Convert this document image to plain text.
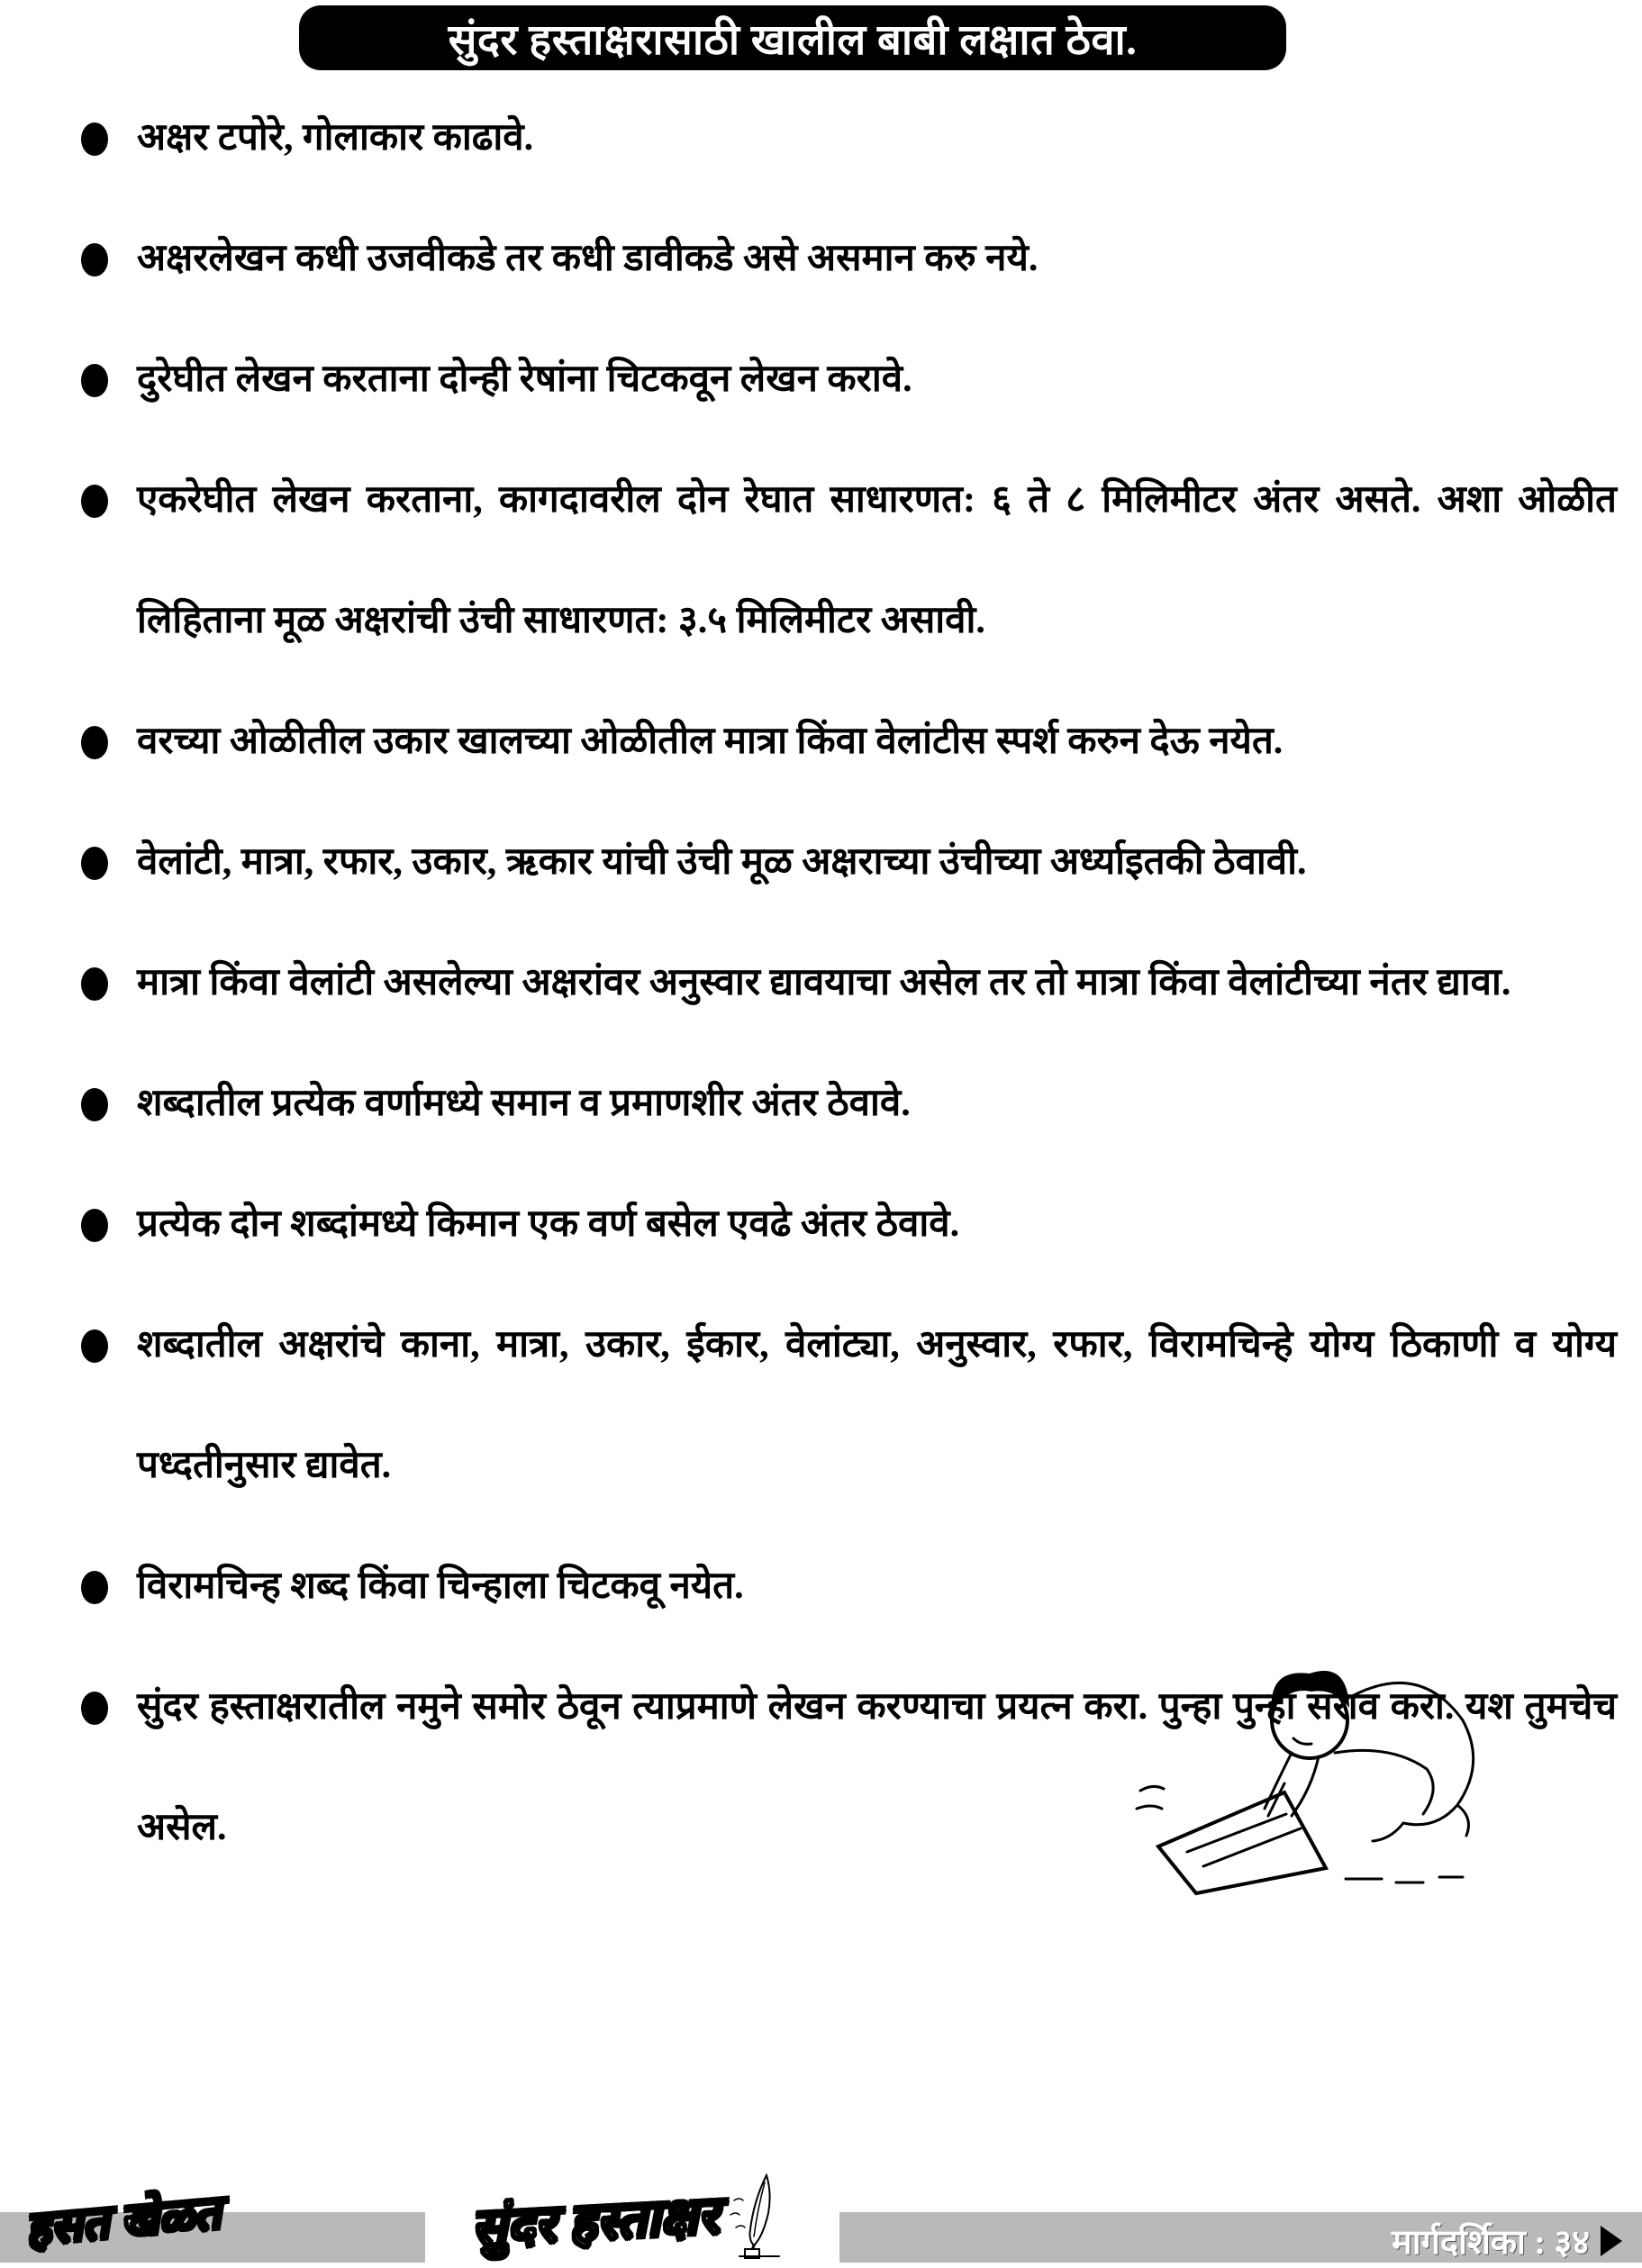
सुंदर हस्ताक्षरासाठी खालील बाबी लक्षात ठेवा.
अक्षर टपोरे, गोलाकार काढावे.
अक्षरलेखन कधी उजवीकडे तर कधी डावीकडे असे असमान करु नये.
दुरेघीत लेखन करताना दोन्ही रेषांना चिटकवून लेखन करावे.
एकरेघीत लेखन करताना, कागदावरील दोन रेघात साधारणत: ६ ते ८ मिलिमीटर अंतर असते. अशा ओळीत लिहिताना मूळ अक्षरांची उंची साधारणत: ३.५ मिलिमीटर असावी.
वरच्या ओळीतील उकार खालच्या ओळीतील मात्रा किंवा वेलांटीस स्पर्श करुन देऊ नयेत.
वेलांटी, मात्रा, रफार, उकार, ऋकार यांची उंची मूळ अक्षराच्या उंचीच्या अर्ध्याइतकी ठेवावी.
मात्रा किंवा वेलांटी असलेल्या अक्षरांवर अनुस्वार द्यावयाचा असेल तर तो मात्रा किंवा वेलांटीच्या नंतर द्यावा.
शब्दातील प्रत्येक वर्णामध्ये समान व प्रमाणशीर अंतर ठेवावे.
प्रत्येक दोन शब्दांमध्ये किमान एक वर्ण बसेल एवढे अंतर ठेवावे.
शब्दातील अक्षरांचे काना, मात्रा, उकार, ईकार, वेलांट्या, अनुस्वार, रफार, विरामचिन्हे योग्य ठिकाणी व योग्य पध्दतीनुसार द्यावेत.
विरामचिन्ह शब्द किंवा चिन्हाला चिटकवू नयेत.
सुंदर हस्ताक्षरातील नमुने समोर ठेवून त्याप्रमाणे लेखन करण्याचा प्रयत्न करा. पुन्हा पुन्हा सराव करा. यश तुमचेच असेल.
हसत खेळत	सुंदर हस्ताक्षर	मार्गदर्शिका : ३४
